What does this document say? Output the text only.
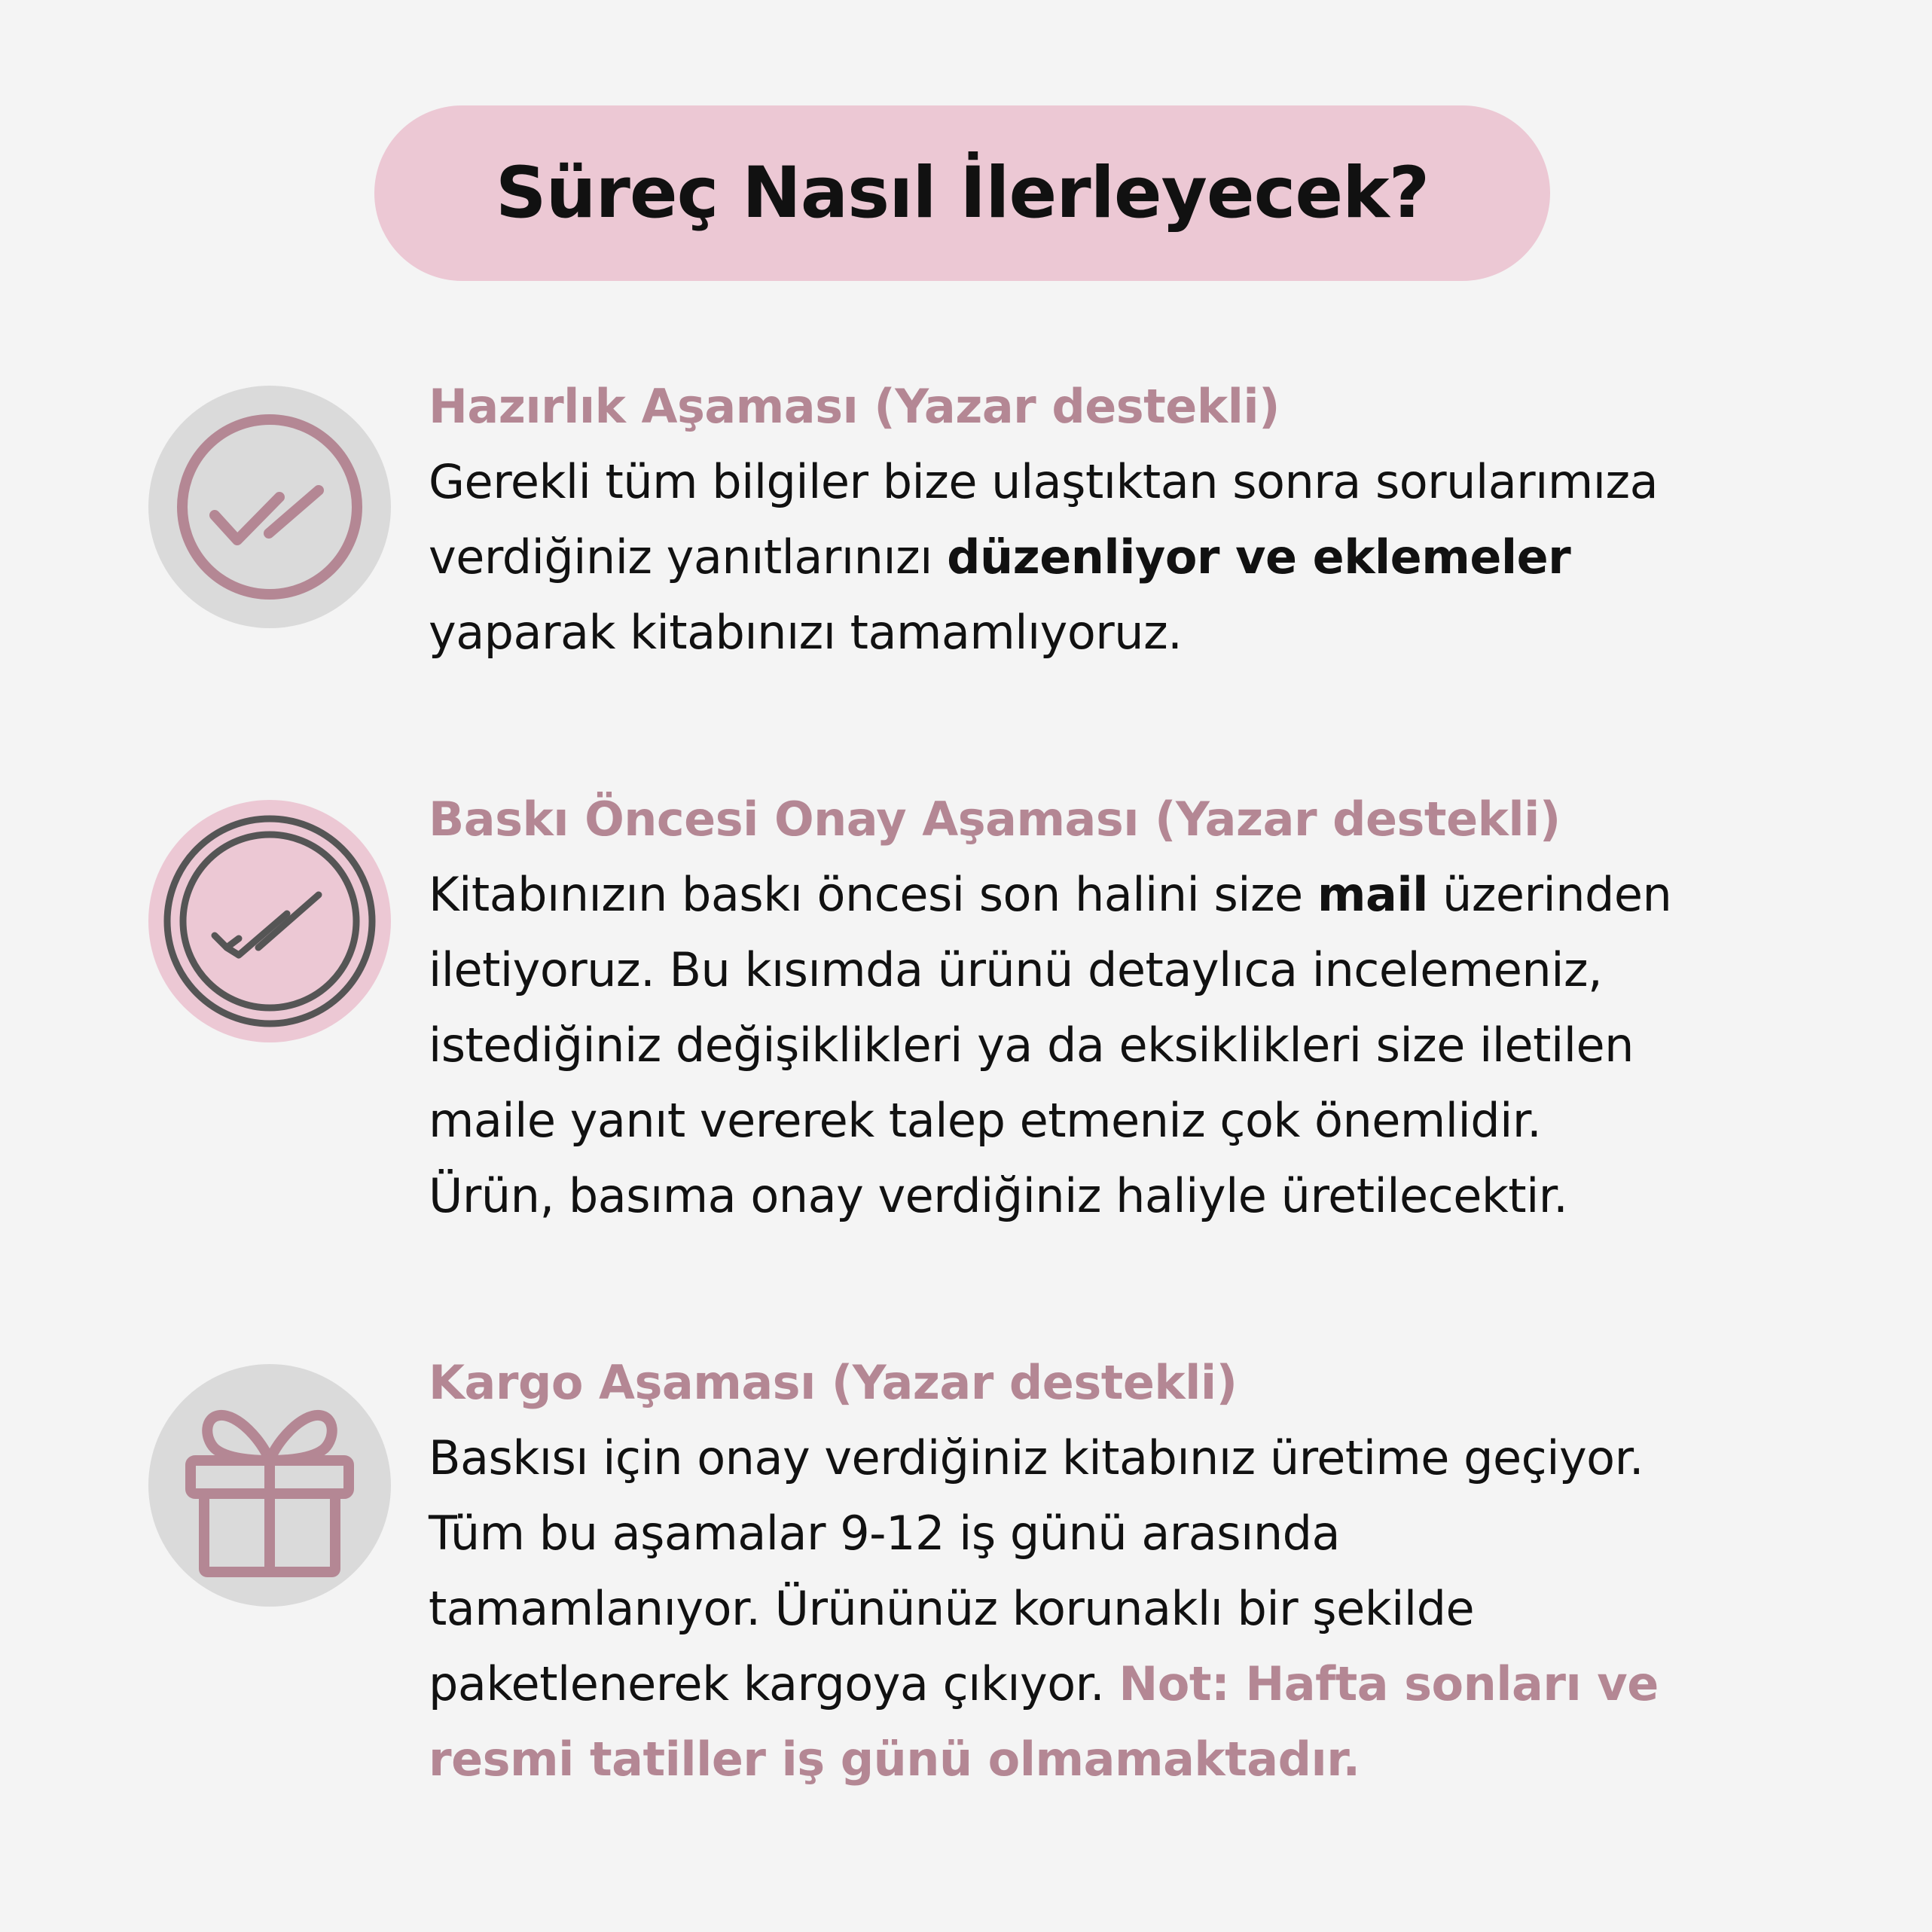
Süreç Nasıl İlerleyecek?
Hazırlık Aşaması (Yazar destekli)
Gerekli tüm bilgiler bize ulaştıktan sonra sorularımıza
verdiğiniz yanıtlarınızı düzenliyor ve eklemeler
yaparak kitabınızı tamamlıyoruz.
Baskı Öncesi Onay Aşaması (Yazar destekli)
Kitabınızın baskı öncesi son halini size mail üzerinden
iletiyoruz. Bu kısımda ürünü detaylıca incelemeniz,
istediğiniz değişiklikleri ya da eksiklikleri size iletilen
maile yanıt vererek talep etmeniz çok önemlidir.
Ürün, basıma onay verdiğiniz haliyle üretilecektir.
Kargo Aşaması (Yazar destekli)
Baskısı için onay verdiğiniz kitabınız üretime geçiyor.
Tüm bu aşamalar 9-12 iş günü arasında
tamamlanıyor. Ürününüz korunaklı bir şekilde
paketlenerek kargoya çıkıyor. Not: Hafta sonları ve
resmi tatiller iş günü olmamaktadır.
